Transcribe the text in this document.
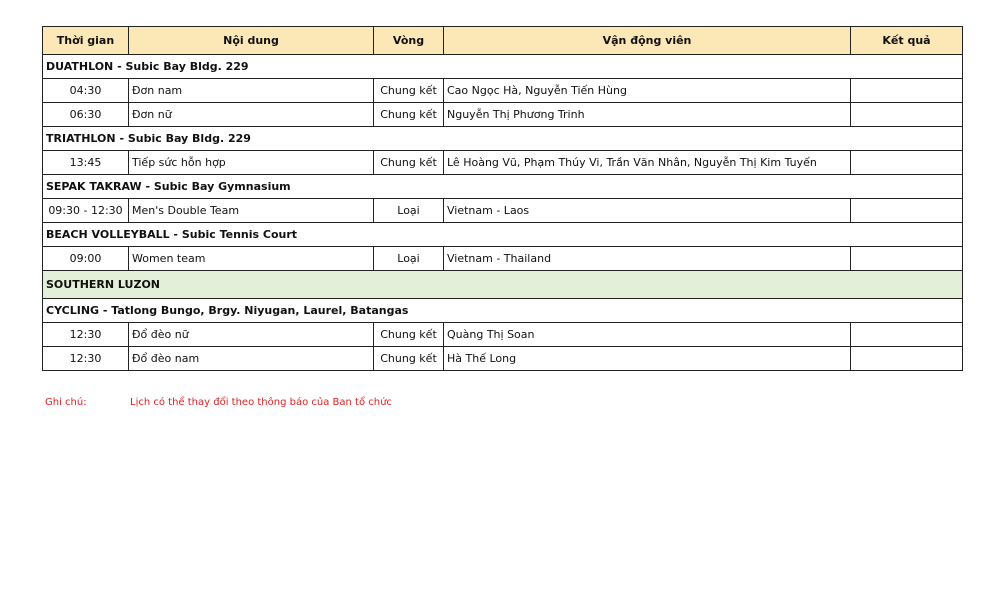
Thời gian	Nội dung	Vòng	Vận động viên	Kết quả
DUATHLON - Subic Bay Bldg. 229				
04:30	Đơn nam	Chung kết	Cao Ngọc Hà, Nguyễn Tiến Hùng	
06:30	Đơn nữ	Chung kết	Nguyễn Thị Phương Trinh	
TRIATHLON - Subic Bay Bldg. 229				
13:45	Tiếp sức hỗn hợp	Chung kết	Lê Hoàng Vũ, Phạm Thúy Vi, Trần Văn Nhân, Nguyễn Thị Kim Tuyến	
SEPAK TAKRAW - Subic Bay Gymnasium				
09:30 - 12:30	Men's Double Team	Loại	Vietnam - Laos	
BEACH VOLLEYBALL - Subic Tennis Court				
09:00	Women team	Loại	Vietnam - Thailand	
SOUTHERN LUZON				
CYCLING - Tatlong Bungo, Brgy. Niyugan, Laurel, Batangas				
12:30	Đổ đèo nữ	Chung kết	Quàng Thị Soan	
12:30	Đổ đèo nam	Chung kết	Hà Thế Long	
Ghi chú:	Lịch có thể thay đổi theo thông báo của Ban tổ chức
